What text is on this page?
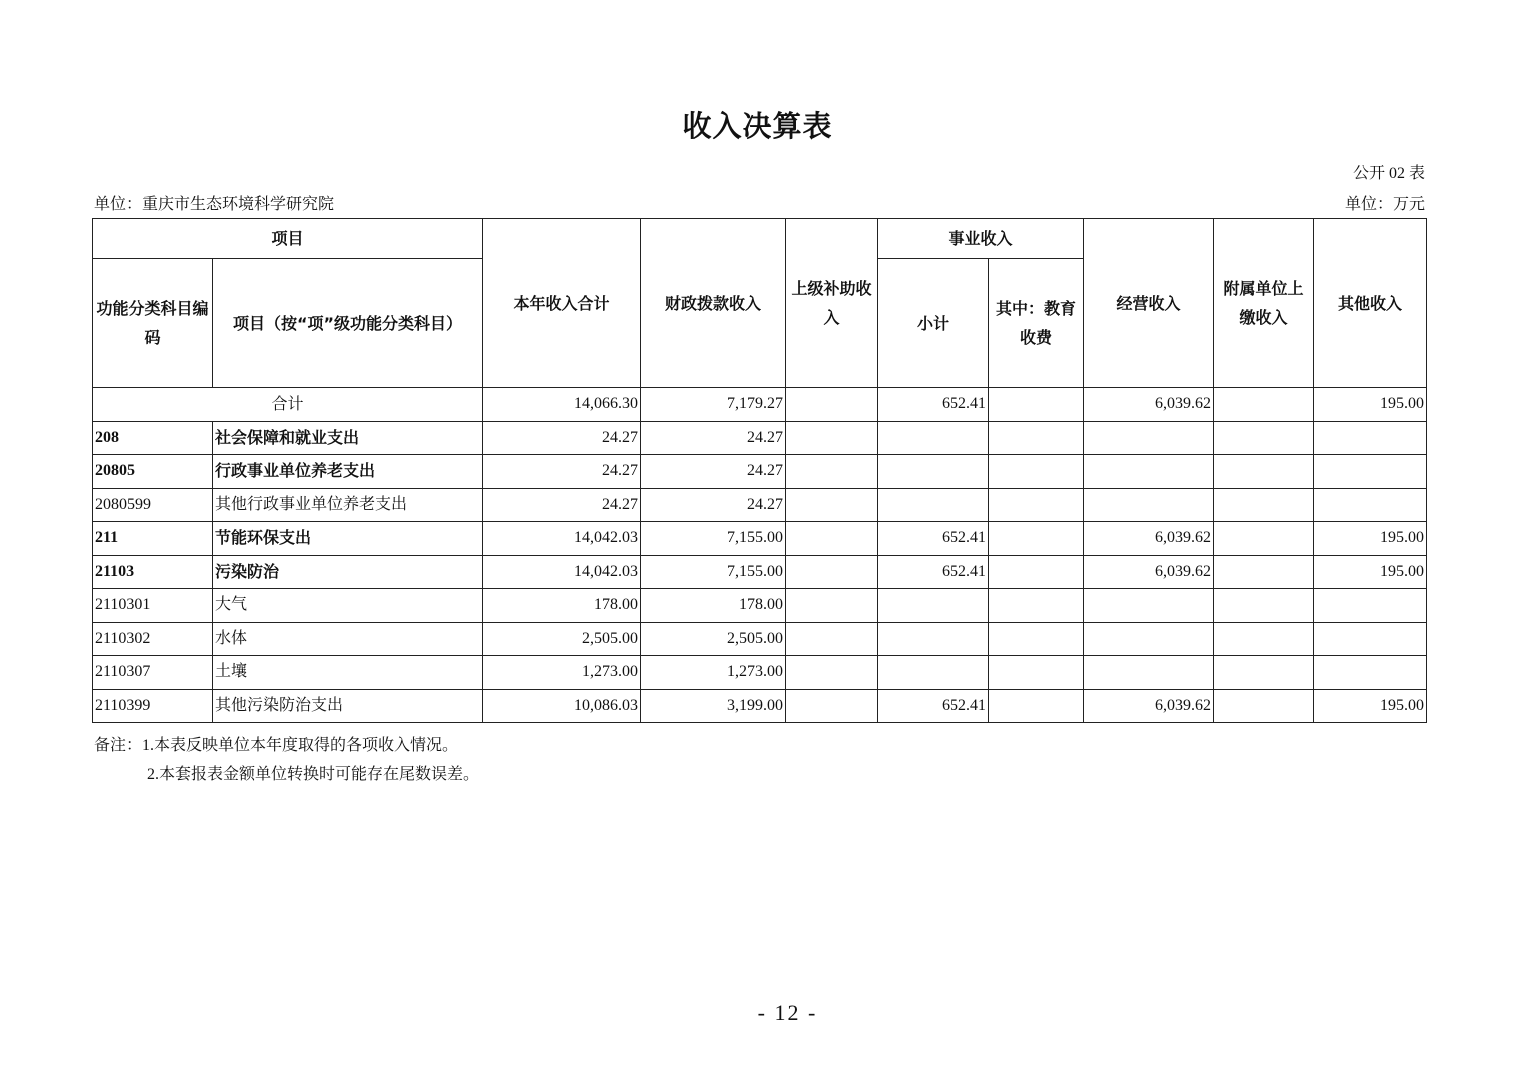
收入决算表
公开 02 表
单位：重庆市生态环境科学研究院	单位：万元
项目		本年收入合计	财政拨款收入	上级补助收入	事业收入		经营收入	附属单位上缴收入	其他收入
功能分类科目编码	项目（按“项”级功能分类科目）				小计	其中：教育收费			
合计		14,066.30	7,179.27		652.41		6,039.62		195.00
208	社会保障和就业支出	24.27	24.27						
20805	行政事业单位养老支出	24.27	24.27						
2080599	其他行政事业单位养老支出	24.27	24.27						
211	节能环保支出	14,042.03	7,155.00		652.41		6,039.62		195.00
21103	污染防治	14,042.03	7,155.00		652.41		6,039.62		195.00
2110301	大气	178.00	178.00						
2110302	水体	2,505.00	2,505.00						
2110307	土壤	1,273.00	1,273.00						
2110399	其他污染防治支出	10,086.03	3,199.00		652.41		6,039.62		195.00
备注：1.本表反映单位本年度取得的各项收入情况。
2.本套报表金额单位转换时可能存在尾数误差。
- 12 -
